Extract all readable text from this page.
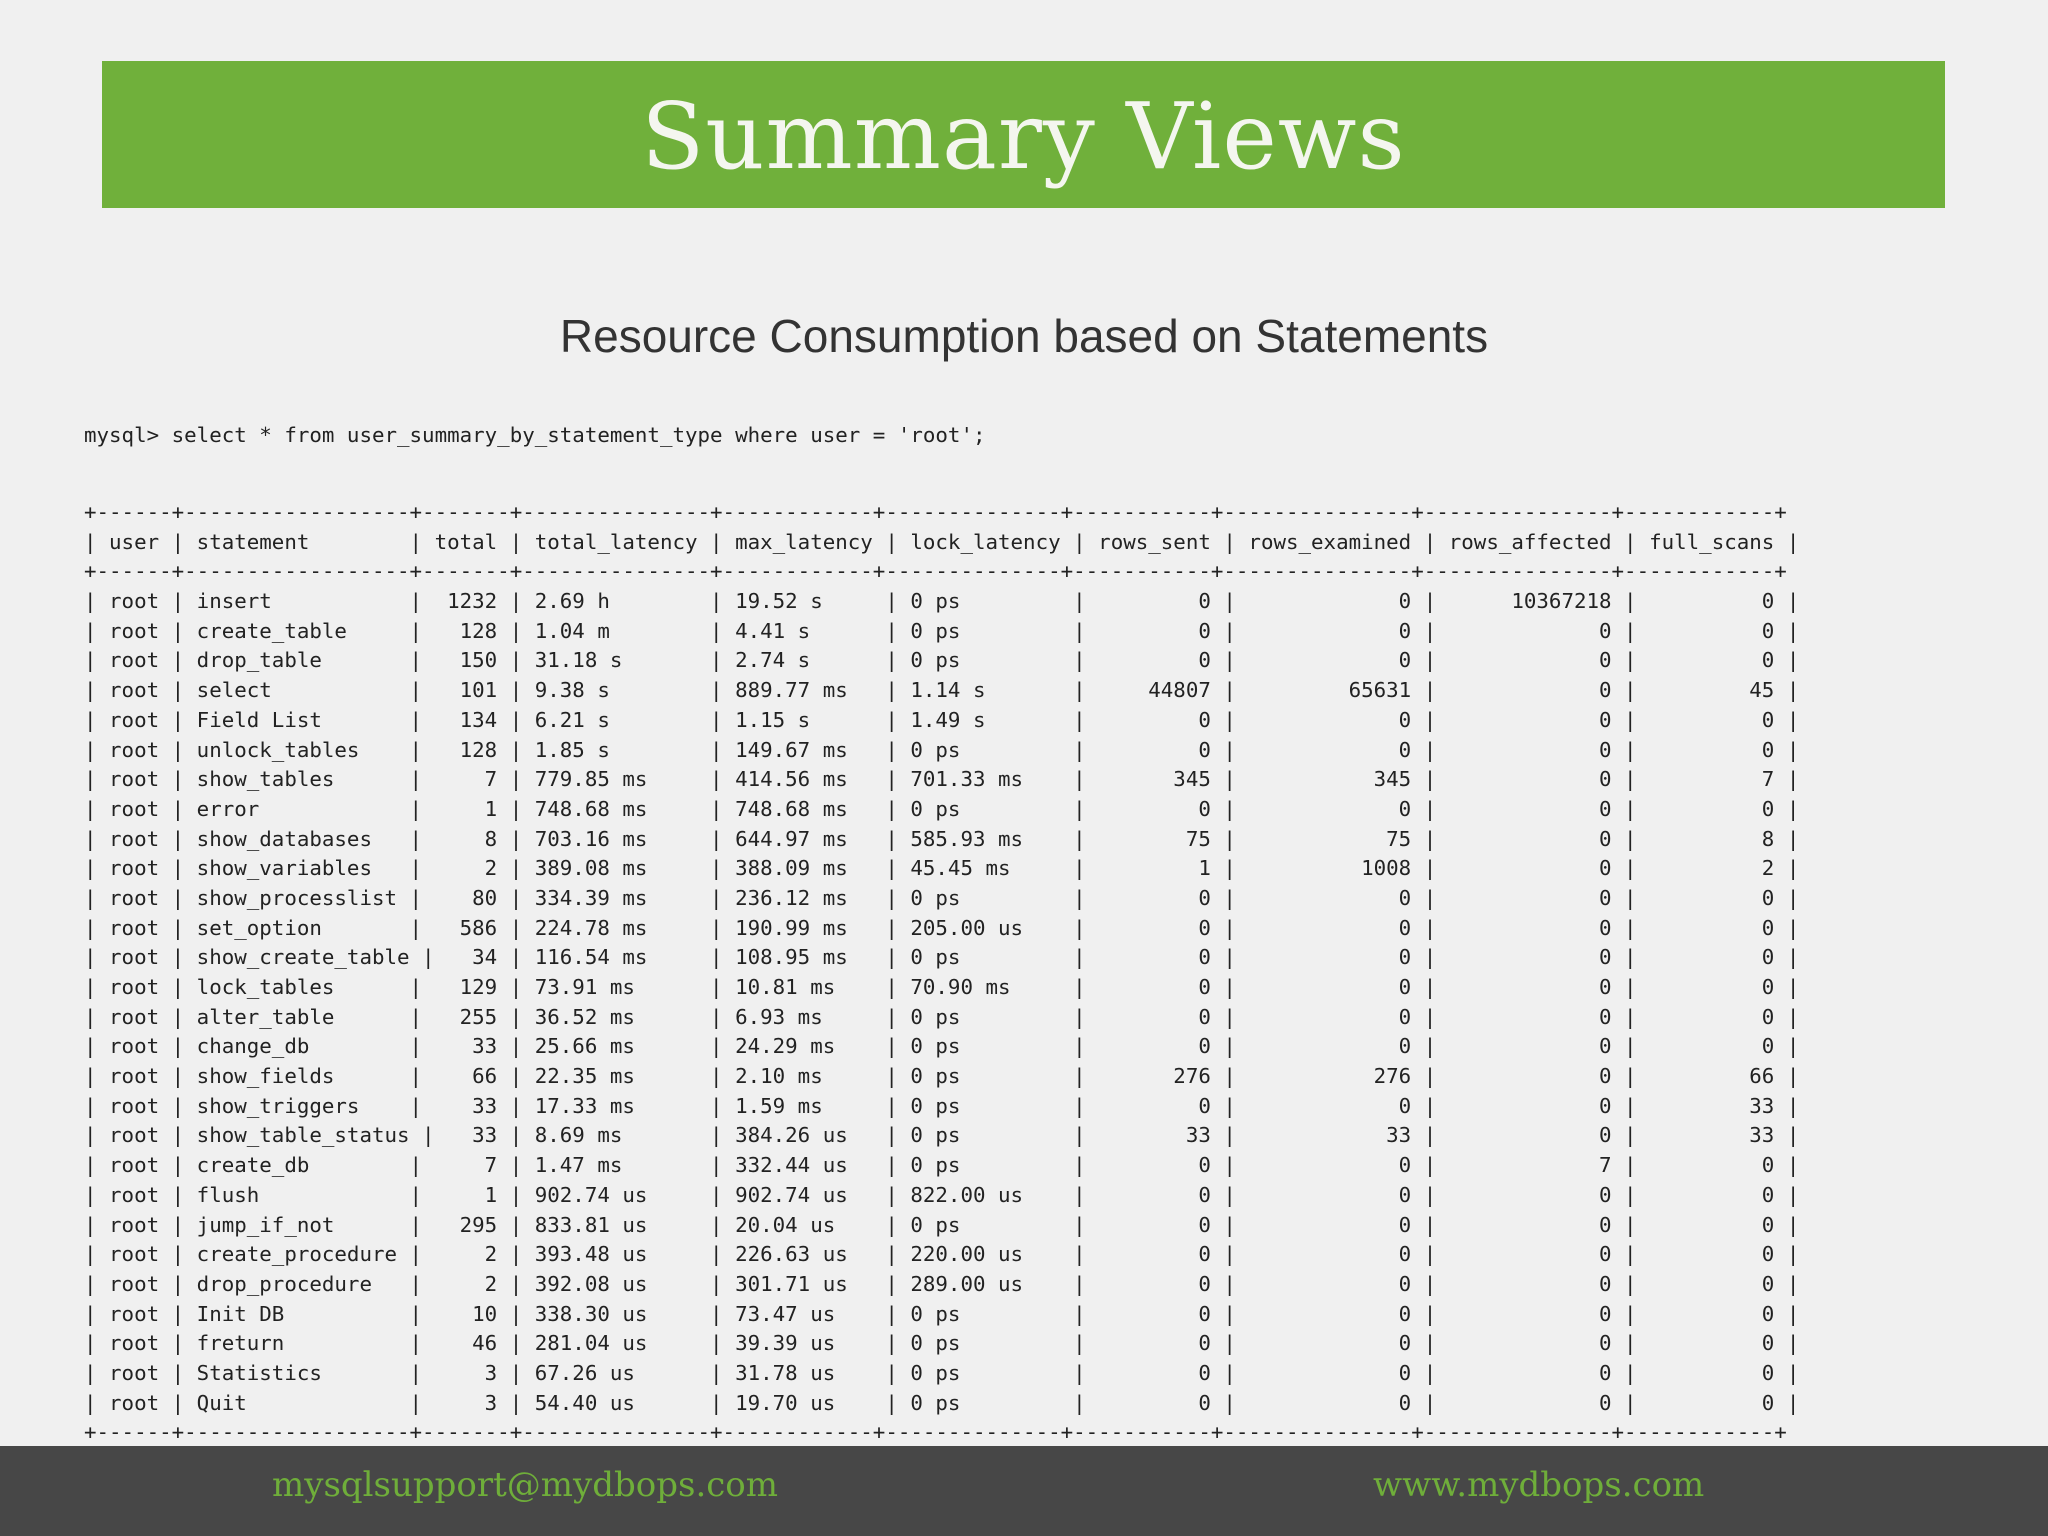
Summary Views
Resource Consumption based on Statements

mysql> select * from user_summary_by_statement_type where user = 'root';

+------+------------------+-------+---------------+------------+--------------+-----------+---------------+---------------+------------+
| user | statement        | total | total_latency | max_latency | lock_latency | rows_sent | rows_examined | rows_affected | full_scans |
+------+------------------+-------+---------------+------------+--------------+-----------+---------------+---------------+------------+
| root | insert           |  1232 | 2.69 h        | 19.52 s     | 0 ps         |         0 |             0 |      10367218 |          0 |
| root | create_table     |   128 | 1.04 m        | 4.41 s      | 0 ps         |         0 |             0 |             0 |          0 |
| root | drop_table       |   150 | 31.18 s       | 2.74 s      | 0 ps         |         0 |             0 |             0 |          0 |
| root | select           |   101 | 9.38 s        | 889.77 ms   | 1.14 s       |     44807 |         65631 |             0 |         45 |
| root | Field List       |   134 | 6.21 s        | 1.15 s      | 1.49 s       |         0 |             0 |             0 |          0 |
| root | unlock_tables    |   128 | 1.85 s        | 149.67 ms   | 0 ps         |         0 |             0 |             0 |          0 |
| root | show_tables      |     7 | 779.85 ms     | 414.56 ms   | 701.33 ms    |       345 |           345 |             0 |          7 |
| root | error            |     1 | 748.68 ms     | 748.68 ms   | 0 ps         |         0 |             0 |             0 |          0 |
| root | show_databases   |     8 | 703.16 ms     | 644.97 ms   | 585.93 ms    |        75 |            75 |             0 |          8 |
| root | show_variables   |     2 | 389.08 ms     | 388.09 ms   | 45.45 ms     |         1 |          1008 |             0 |          2 |
| root | show_processlist |    80 | 334.39 ms     | 236.12 ms   | 0 ps         |         0 |             0 |             0 |          0 |
| root | set_option       |   586 | 224.78 ms     | 190.99 ms   | 205.00 us    |         0 |             0 |             0 |          0 |
| root | show_create_table |   34 | 116.54 ms     | 108.95 ms   | 0 ps         |         0 |             0 |             0 |          0 |
| root | lock_tables      |   129 | 73.91 ms      | 10.81 ms    | 70.90 ms     |         0 |             0 |             0 |          0 |
| root | alter_table      |   255 | 36.52 ms      | 6.93 ms     | 0 ps         |         0 |             0 |             0 |          0 |
| root | change_db        |    33 | 25.66 ms      | 24.29 ms    | 0 ps         |         0 |             0 |             0 |          0 |
| root | show_fields      |    66 | 22.35 ms      | 2.10 ms     | 0 ps         |       276 |           276 |             0 |         66 |
| root | show_triggers    |    33 | 17.33 ms      | 1.59 ms     | 0 ps         |         0 |             0 |             0 |         33 |
| root | show_table_status |   33 | 8.69 ms       | 384.26 us   | 0 ps         |        33 |            33 |             0 |         33 |
| root | create_db        |     7 | 1.47 ms       | 332.44 us   | 0 ps         |         0 |             0 |             7 |          0 |
| root | flush            |     1 | 902.74 us     | 902.74 us   | 822.00 us    |         0 |             0 |             0 |          0 |
| root | jump_if_not      |   295 | 833.81 us     | 20.04 us    | 0 ps         |         0 |             0 |             0 |          0 |
| root | create_procedure |     2 | 393.48 us     | 226.63 us   | 220.00 us    |         0 |             0 |             0 |          0 |
| root | drop_procedure   |     2 | 392.08 us     | 301.71 us   | 289.00 us    |         0 |             0 |             0 |          0 |
| root | Init DB          |    10 | 338.30 us     | 73.47 us    | 0 ps         |         0 |             0 |             0 |          0 |
| root | freturn          |    46 | 281.04 us     | 39.39 us    | 0 ps         |         0 |             0 |             0 |          0 |
| root | Statistics       |     3 | 67.26 us      | 31.78 us    | 0 ps         |         0 |             0 |             0 |          0 |
| root | Quit             |     3 | 54.40 us      | 19.70 us    | 0 ps         |         0 |             0 |             0 |          0 |
+------+------------------+-------+---------------+------------+--------------+-----------+---------------+---------------+------------+

mysqlsupport@mydbops.com	www.mydbops.com
